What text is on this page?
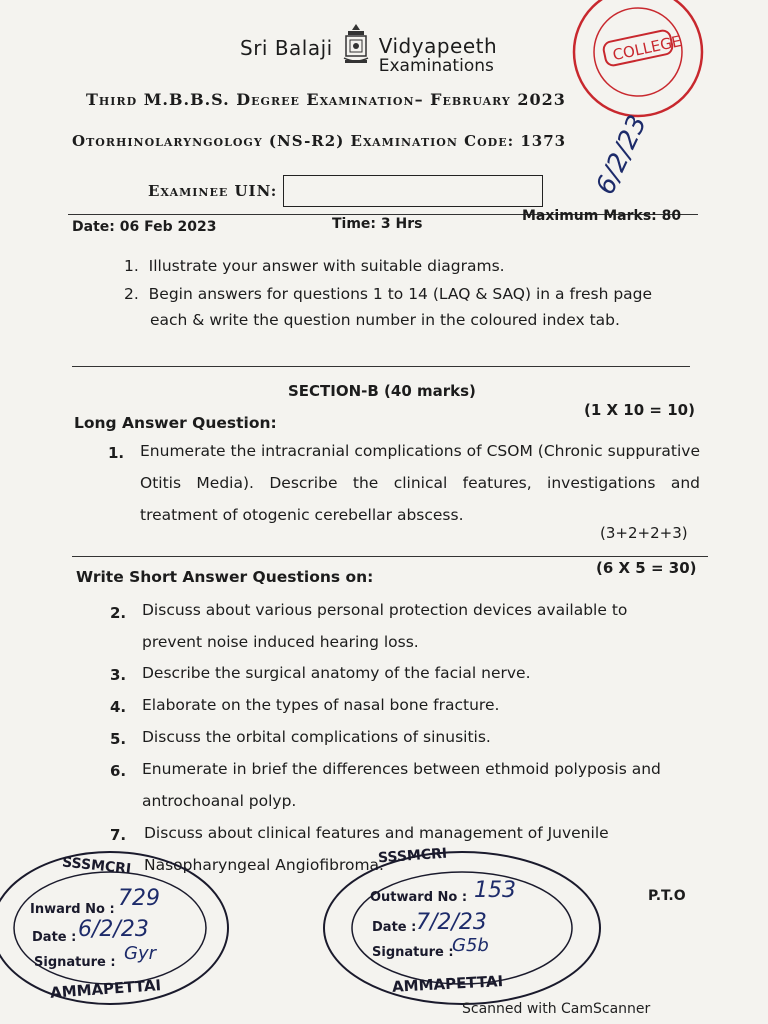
Sri Balaji Vidyapeeth
Examinations
Third M.B.B.S. Degree Examination– February 2023
Otorhinolaryngology (NS-R2) Examination Code: 1373
Examinee UIN:
Date: 06 Feb 2023	Time: 3 Hrs	Maximum Marks: 80
1. Illustrate your answer with suitable diagrams.
2. Begin answers for questions 1 to 14 (LAQ & SAQ) in a fresh page
each & write the question number in the coloured index tab.
SECTION-B (40 marks)
Long Answer Question:
(1 X 10 = 10)
1. Enumerate the intracranial complications of CSOM (Chronic suppurative Otitis Media). Describe the clinical features, investigations and treatment of otogenic cerebellar abscess.
(3+2+2+3)
Write Short Answer Questions on:	(6 X 5 = 30)
2. Discuss about various personal protection devices available to prevent noise induced hearing loss.
3. Describe the surgical anatomy of the facial nerve.
4. Elaborate on the types of nasal bone fracture.
5. Discuss the orbital complications of sinusitis.
6. Enumerate in brief the differences between ethmoid polyposis and antrochoanal polyp.
7. Discuss about clinical features and management of Juvenile Nasopharyngeal Angiofibroma.
COLLEGE
6/2/23
SSSMCRI
Inward No : 729
Date : 6/2/23
Signature : Gyr
AMMAPETTAI
SSSMCRI
Outward No : 153
Date : 7/2/23
Signature :
G5b
AMMAPETTAI
P.T.O
Scanned with CamScanner
